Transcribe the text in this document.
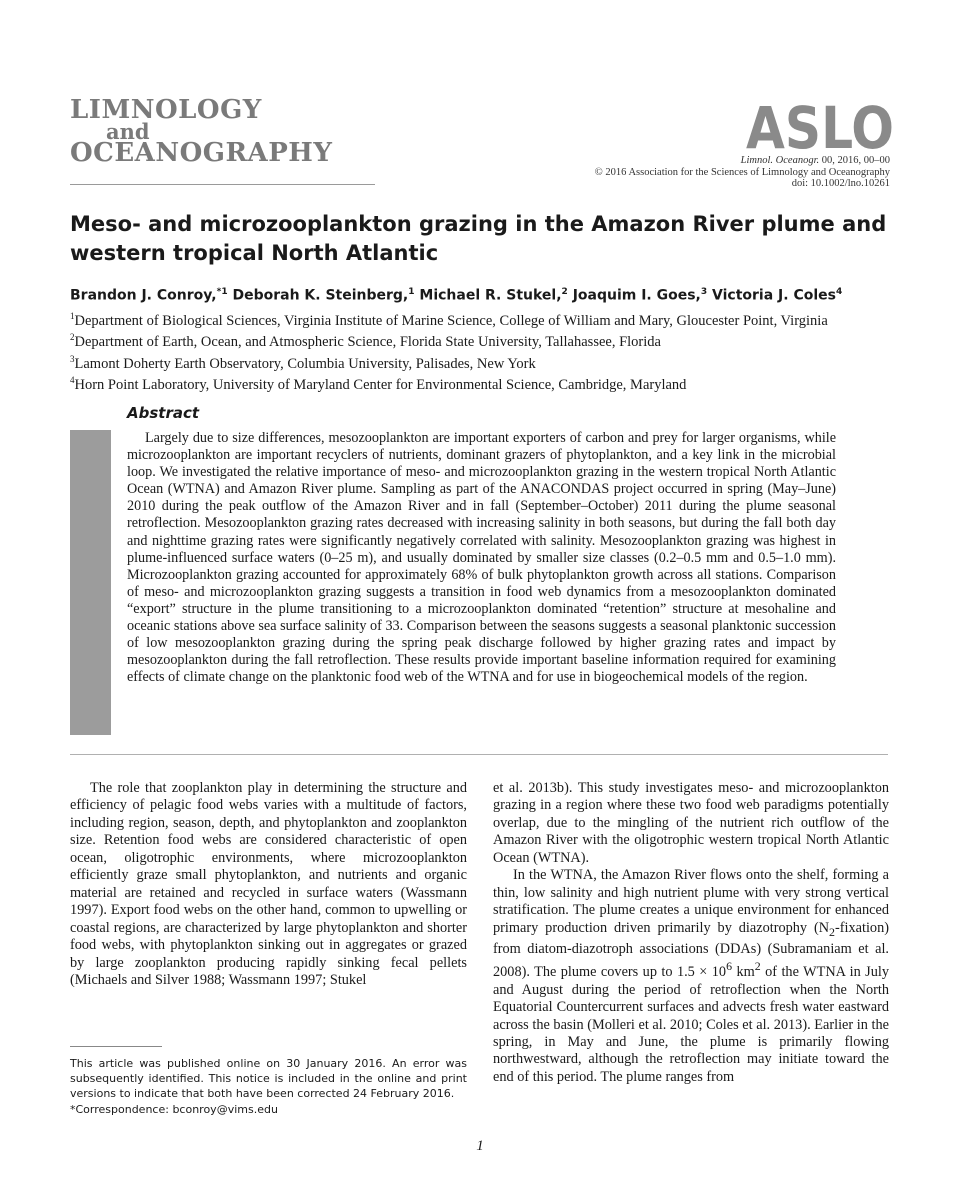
LIMNOLOGY
and
OCEANOGRAPHY	ASLO
Limnol. Oceanogr. 00, 2016, 00–00
© 2016 Association for the Sciences of Limnology and Oceanography
doi: 10.1002/lno.10261
Meso- and microzooplankton grazing in the Amazon River plume and western tropical North Atlantic
Brandon J. Conroy,$^{*1}$ Deborah K. Steinberg,$^1$ Michael R. Stukel,$^2$ Joaquim I. Goes,$^3$ Victoria J. Coles$^4$
$^1$Department of Biological Sciences, Virginia Institute of Marine Science, College of William and Mary, Gloucester Point, Virginia
$^2$Department of Earth, Ocean, and Atmospheric Science, Florida State University, Tallahassee, Florida
$^3$Lamont Doherty Earth Observatory, Columbia University, Palisades, New York
$^4$Horn Point Laboratory, University of Maryland Center for Environmental Science, Cambridge, Maryland
Abstract
Largely due to size differences, mesozooplankton are important exporters of carbon and prey for larger organisms, while microzooplankton are important recyclers of nutrients, dominant grazers of phytoplankton, and a key link in the microbial loop. We investigated the relative importance of meso- and microzooplankton grazing in the western tropical North Atlantic Ocean (WTNA) and Amazon River plume. Sampling as part of the ANACONDAS project occurred in spring (May–June) 2010 during the peak outflow of the Amazon River and in fall (September–October) 2011 during the plume seasonal retroflection. Mesozooplankton grazing rates decreased with increasing salinity in both seasons, but during the fall both day and nighttime grazing rates were significantly negatively correlated with salinity. Mesozooplankton grazing was highest in plume-influenced surface waters (0–25 m), and usually dominated by smaller size classes (0.2–0.5 mm and 0.5–1.0 mm). Microzooplankton grazing accounted for approximately 68% of bulk phytoplankton growth across all stations. Comparison of meso- and microzooplankton grazing suggests a transition in food web dynamics from a mesozooplankton dominated “export” structure in the plume transitioning to a microzooplankton dominated “retention” structure at mesohaline and oceanic stations above sea surface salinity of 33. Comparison between the seasons suggests a seasonal planktonic succession of low mesozooplankton grazing during the spring peak discharge followed by higher grazing rates and impact by mesozooplankton during the fall retroflection. These results provide important baseline information required for examining effects of climate change on the planktonic food web of the WTNA and for use in biogeochemical models of the region.

The role that zooplankton play in determining the structure and efficiency of pelagic food webs varies with a multitude of factors, including region, season, depth, and phytoplankton and zooplankton size. Retention food webs are considered characteristic of open ocean, oligotrophic environments, where microzooplankton efficiently graze small phytoplankton, and nutrients and organic material are retained and recycled in surface waters (Wassmann 1997). Export food webs on the other hand, common to upwelling or coastal regions, are characterized by large phytoplankton and shorter food webs, with phytoplankton sinking out in aggregates or grazed by large zooplankton producing rapidly sinking fecal pellets (Michaels and Silver 1988; Wassmann 1997; Stukel

et al. 2013b). This study investigates meso- and microzooplankton grazing in a region where these two food web paradigms potentially overlap, due to the mingling of the nutrient rich outflow of the Amazon River with the oligotrophic western tropical North Atlantic Ocean (WTNA).

In the WTNA, the Amazon River flows onto the shelf, forming a thin, low salinity and high nutrient plume with very strong vertical stratification. The plume creates a unique environment for enhanced primary production driven primarily by diazotrophy $(N_2-fixation)$ from diatom-diazotroph associations (DDAs) (Subramaniam et al. 2008). The plume covers up to $1.5 \times 10^6$ $km^2$ of the WTNA in July and August during the period of retroflection when the North Equatorial Countercurrent surfaces and advects fresh water eastward across the basin (Molleri et al. 2010; Coles et al. 2013). Earlier in the spring, in May and June, the plume is primarily flowing northwestward, although the retroflection may initiate toward the end of this period. The plume ranges from

This article was published online on 30 January 2016. An error was subsequently identified. This notice is included in the online and print versions to indicate that both have been corrected 24 February 2016.
*Correspondence: bconroy@vims.edu
1
